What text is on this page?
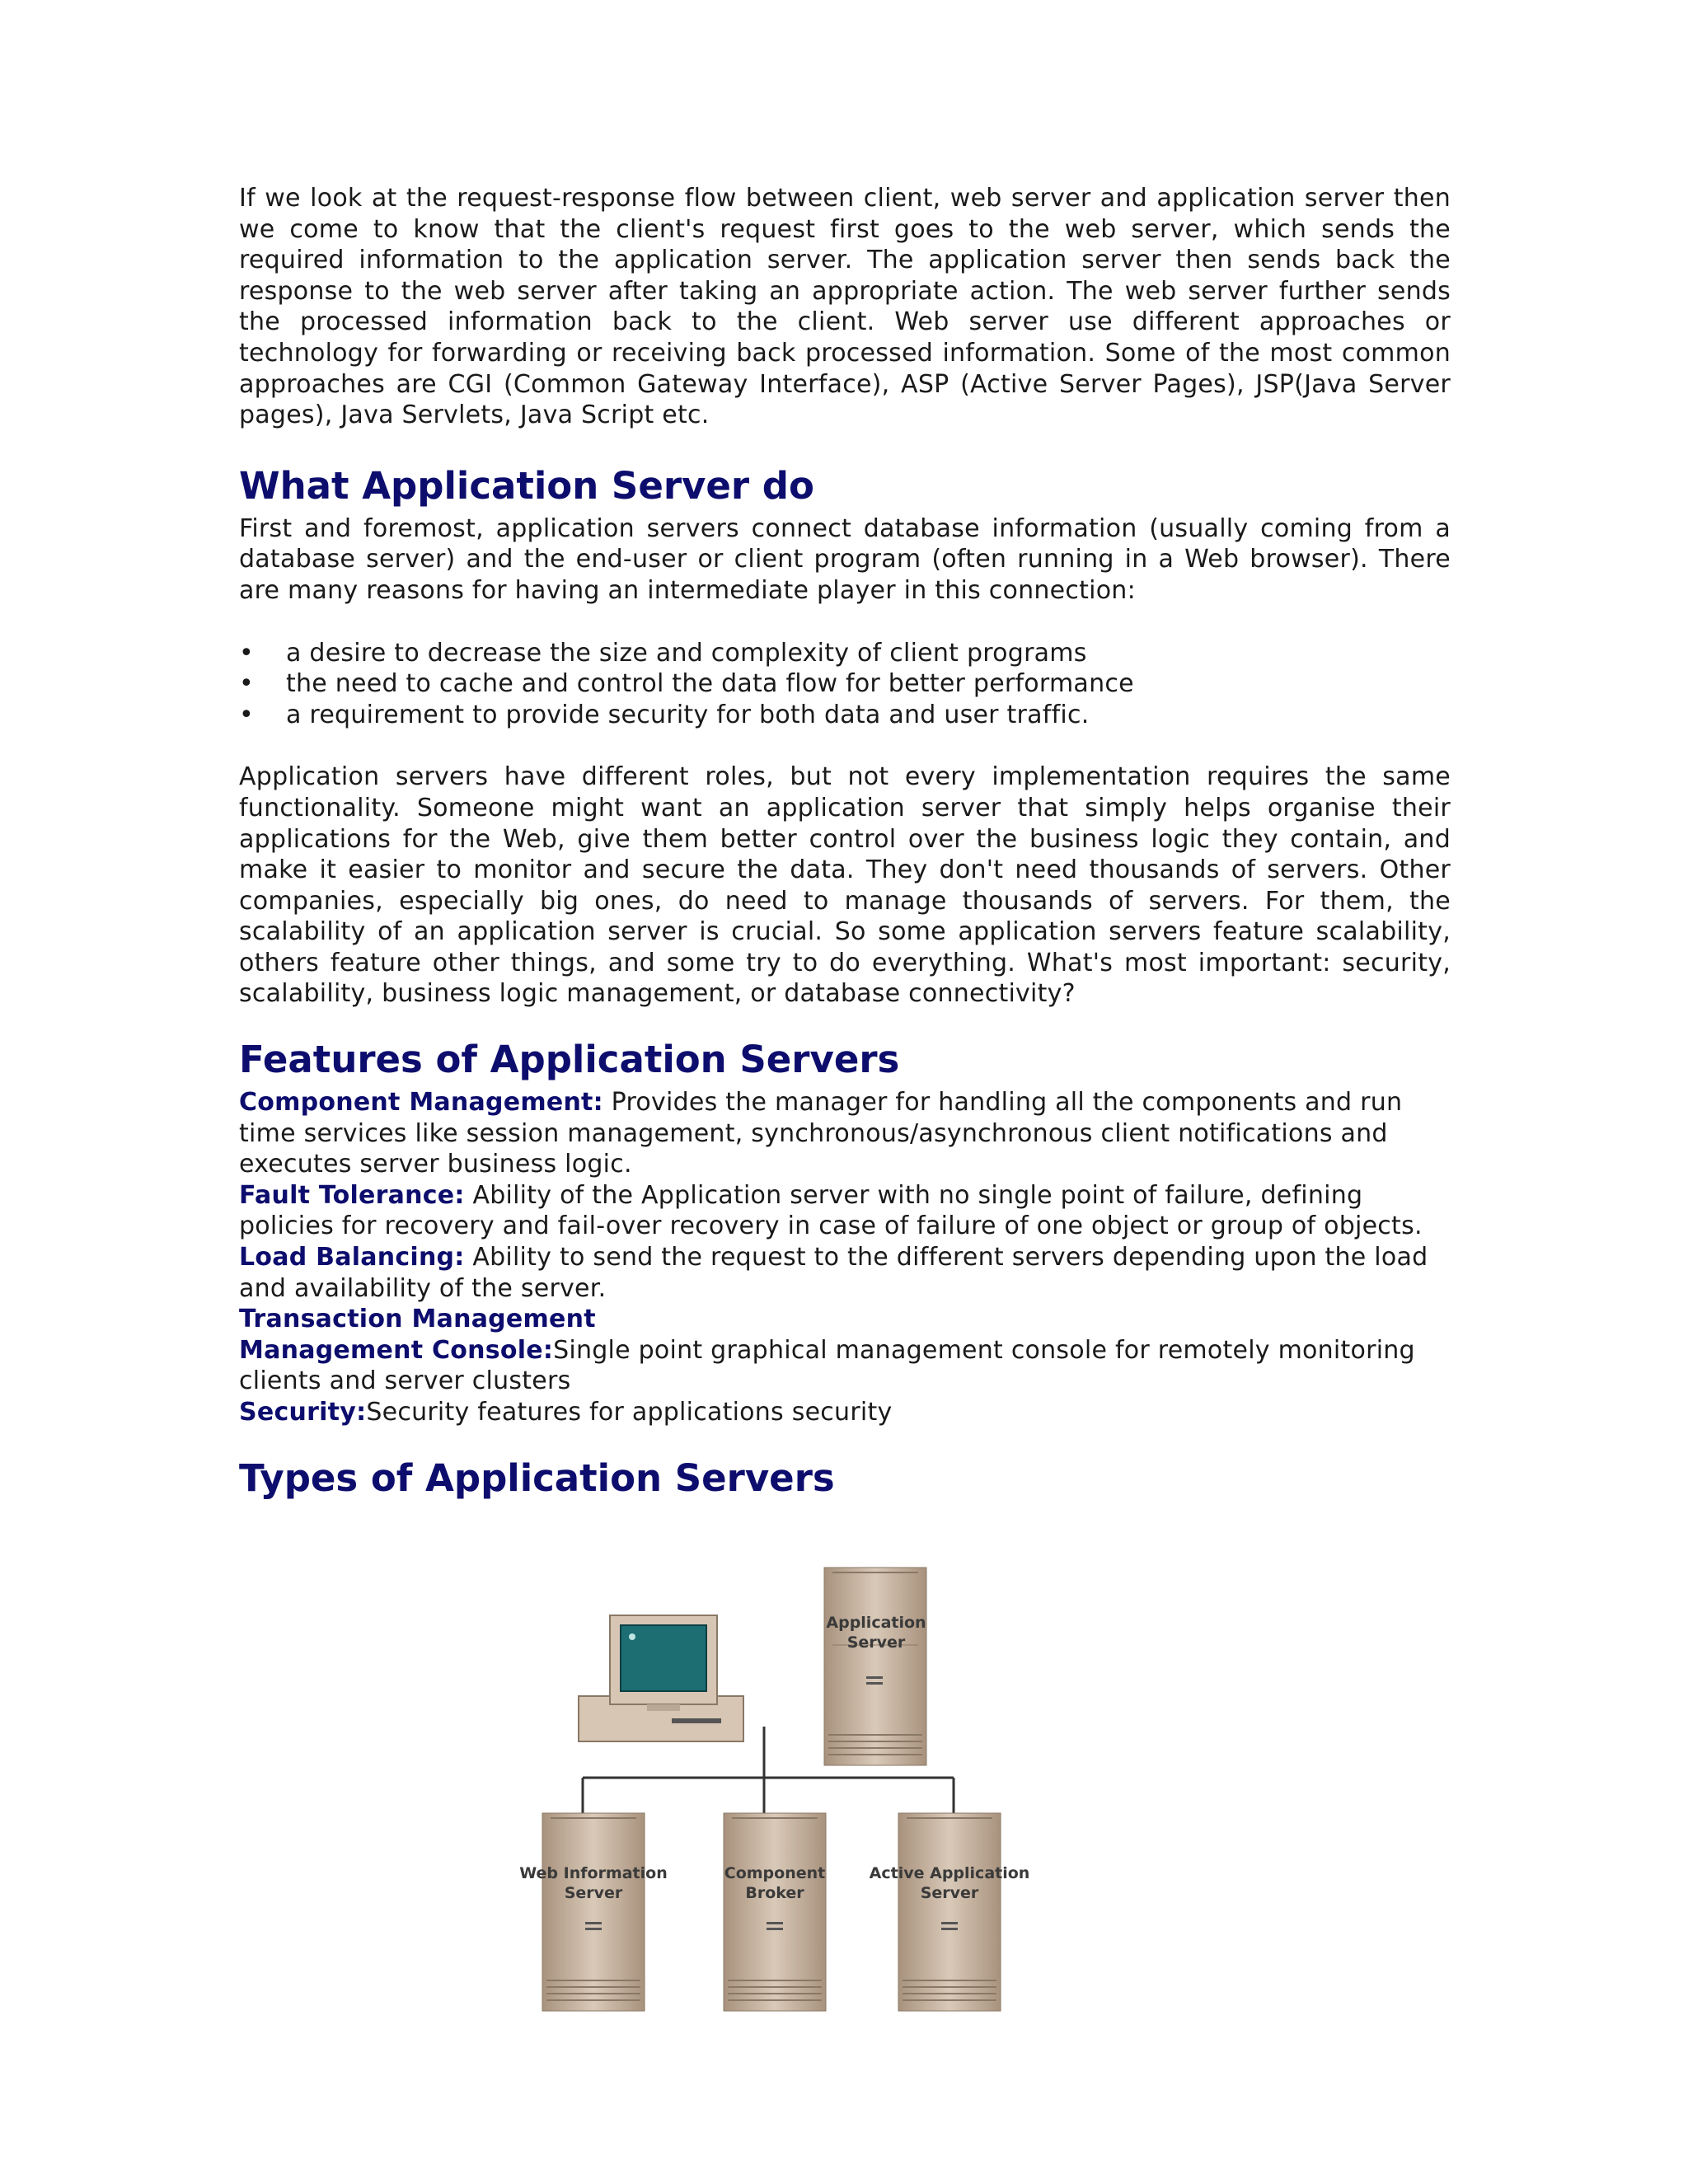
If we look at the request-response flow between client, web server and application server then we come to know that the client's request first goes to the web server, which sends the required information to the application server. The application server then sends back the response to the web server after taking an appropriate action. The web server further sends the processed information back to the client. Web server use different approaches or technology for forwarding or receiving back processed information. Some of the most common approaches are CGI (Common Gateway Interface), ASP (Active Server Pages), JSP(Java Server pages), Java Servlets, Java Script etc.

What Application Server do

First and foremost, application servers connect database information (usually coming from a database server) and the end-user or client program (often running in a Web browser). There are many reasons for having an intermediate player in this connection:

• a desire to decrease the size and complexity of client programs
• the need to cache and control the data flow for better performance
• a requirement to provide security for both data and user traffic.

Application servers have different roles, but not every implementation requires the same functionality. Someone might want an application server that simply helps organise their applications for the Web, give them better control over the business logic they contain, and make it easier to monitor and secure the data. They don't need thousands of servers. Other companies, especially big ones, do need to manage thousands of servers. For them, the scalability of an application server is crucial. So some application servers feature scalability, others feature other things, and some try to do everything. What's most important: security, scalability, business logic management, or database connectivity?

Features of Application Servers

Component Management: Provides the manager for handling all the components and run time services like session management, synchronous/asynchronous client notifications and executes server business logic.

Fault Tolerance: Ability of the Application server with no single point of failure, defining policies for recovery and fail-over recovery in case of failure of one object or group of objects.

Load Balancing: Ability to send the request to the different servers depending upon the load and availability of the server.

Transaction Management

Management Console:Single point graphical management console for remotely monitoring clients and server clusters

Security:Security features for applications security

Types of Application Servers
Application
Server
Web Information
Server
Component
Broker
Active Application
Server
